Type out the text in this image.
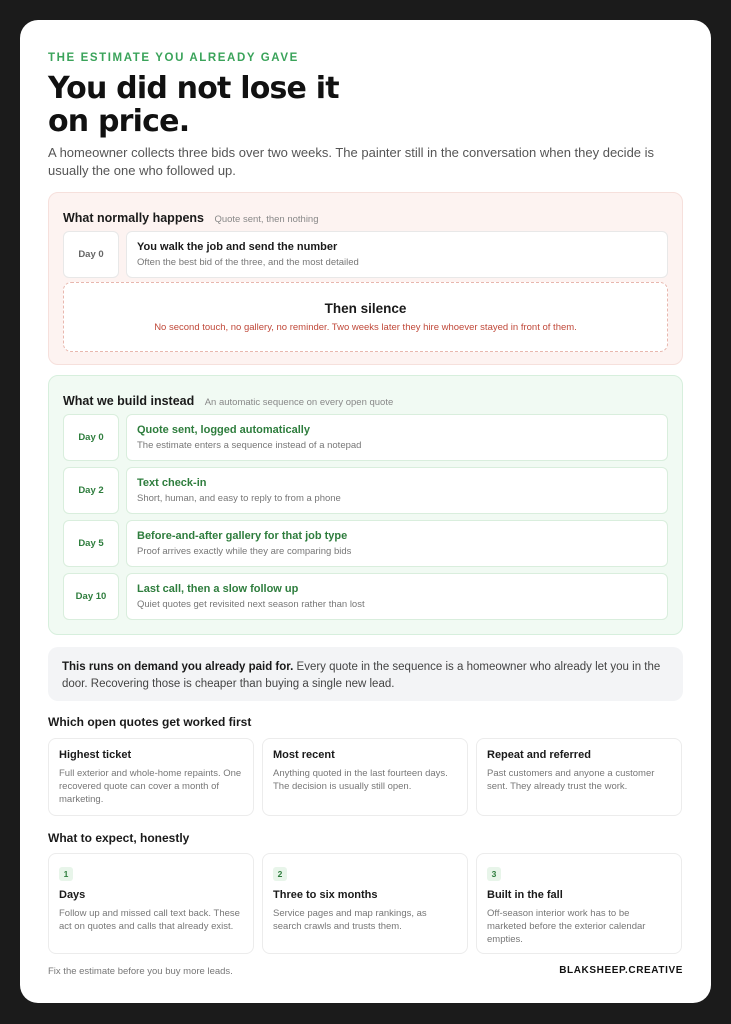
THE ESTIMATE YOU ALREADY GAVE
You did not lose it
on price.
A homeowner collects three bids over two weeks. The painter still in the conversation when they decide is usually the one who followed up.
What normally happens Quote sent, then nothing
Day 0
You walk the job and send the number
Often the best bid of the three, and the most detailed
Then silence
No second touch, no gallery, no reminder. Two weeks later they hire whoever stayed in front of them.
What we build instead An automatic sequence on every open quote
Day 0
Quote sent, logged automatically
The estimate enters a sequence instead of a notepad
Day 2
Text check-in
Short, human, and easy to reply to from a phone
Day 5
Before-and-after gallery for that job type
Proof arrives exactly while they are comparing bids
Day 10
Last call, then a slow follow up
Quiet quotes get revisited next season rather than lost
This runs on demand you already paid for. Every quote in the sequence is a homeowner who already let you in the door. Recovering those is cheaper than buying a single new lead.
Which open quotes get worked first
Highest ticket
Full exterior and whole-home repaints. One recovered quote can cover a month of marketing.
Most recent
Anything quoted in the last fourteen days. The decision is usually still open.
Repeat and referred
Past customers and anyone a customer sent. They already trust the work.
What to expect, honestly
1
Days
Follow up and missed call text back. These act on quotes and calls that already exist.
2
Three to six months
Service pages and map rankings, as search crawls and trusts them.
3
Built in the fall
Off-season interior work has to be marketed before the exterior calendar empties.
Fix the estimate before you buy more leads.	BLAKSHEEP.CREATIVE
